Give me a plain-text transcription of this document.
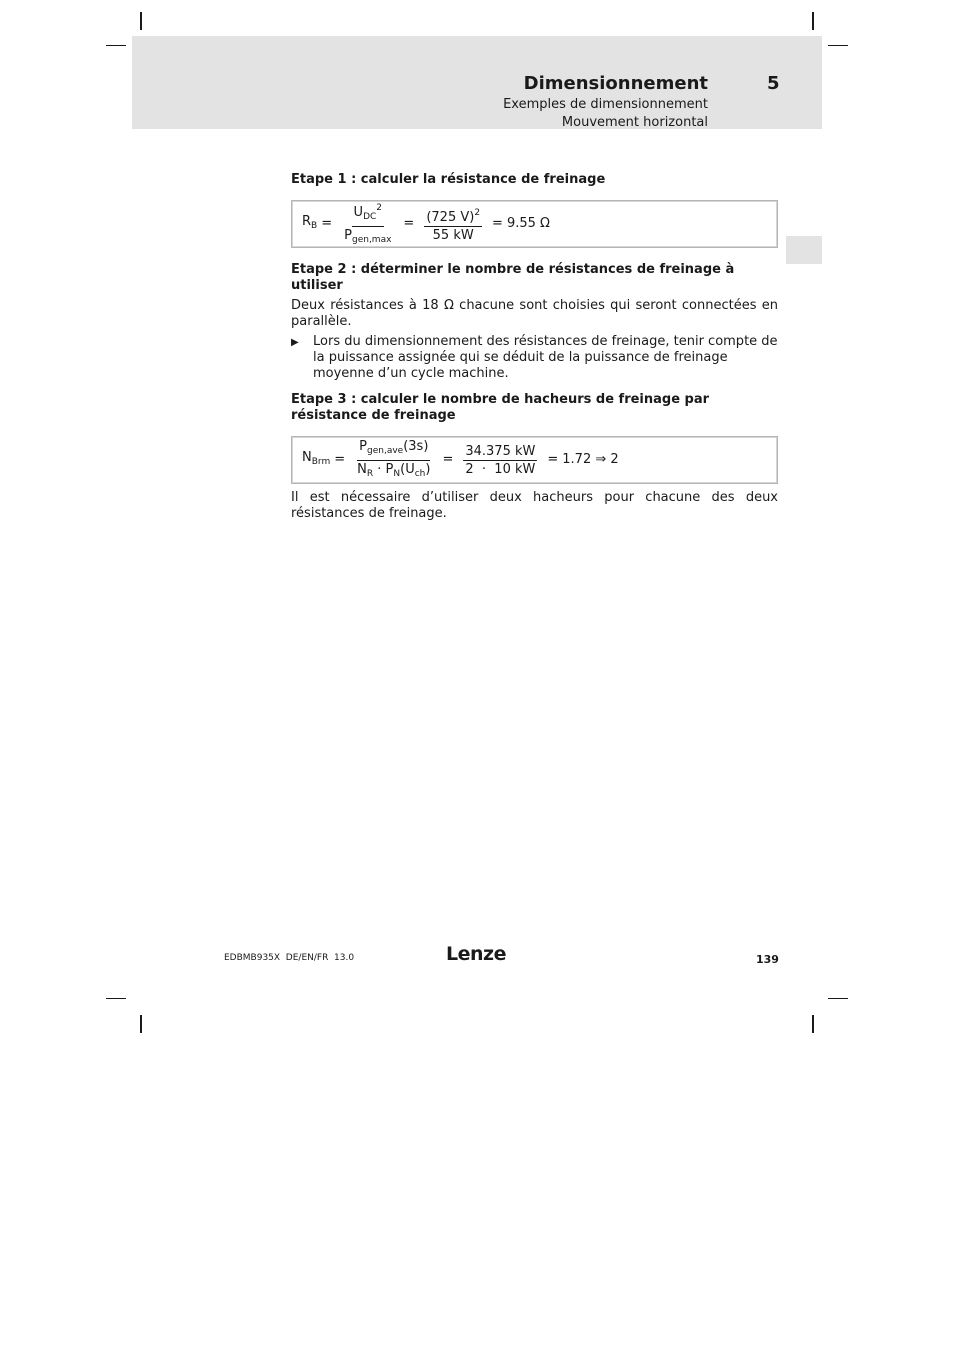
Dimensionnement	5
Exemples de dimensionnement
Mouvement horizontal

Etape 1 : calculer la résistance de freinage

$R_B = \frac{U_{DC}^2}{P_{gen,max}} = \frac{(725 V)^2}{55 kW} = 9.55$ Ω

Etape 2 : déterminer le nombre de résistances de freinage à utiliser

Deux résistances à 18 Ω chacune sont choisies qui seront connectées en parallèle.

▶ Lors du dimensionnement des résistances de freinage, tenir compte de la puissance assignée qui se déduit de la puissance de freinage moyenne d’un cycle machine.

Etape 3 : calculer le nombre de hacheurs de freinage par résistance de freinage

$N_{Brm} = \frac{P_{gen,ave}(3s)}{N_R \cdot P_N(U_{ch})} = \frac{34.375 kW}{2 \cdot 10 kW} = 1.72$ ⇒ 2

Il est nécessaire d’utiliser deux hacheurs pour chacune des deux résistances de freinage.

EDBMB935X  DE/EN/FR  13.0	Lenze	139
